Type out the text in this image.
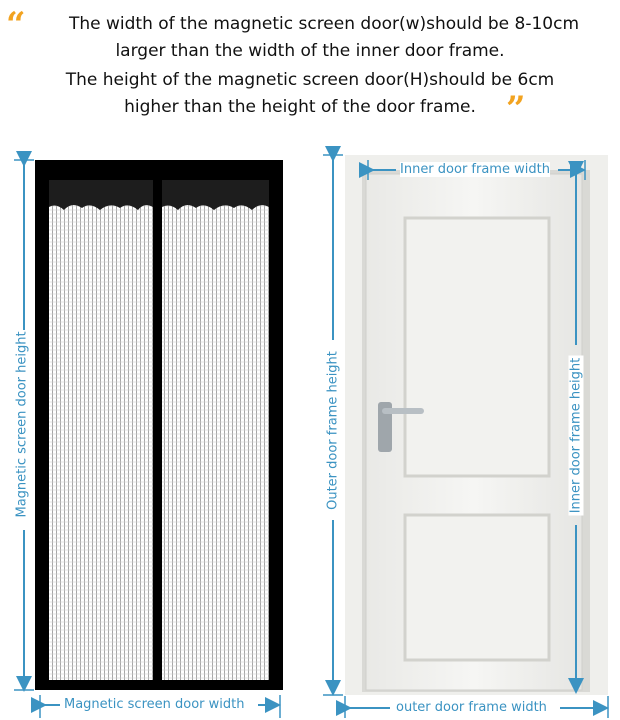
“	The width of the magnetic screen door(w)should be 8-10cm
larger than the width of the inner door frame.
The height of the magnetic screen door(H)should be 6cm
higher than the height of the door frame. ”
Magnetic screen door height
Magnetic screen door width
Outer door frame height
Inner door frame width
Inner door frame height
outer door frame width
